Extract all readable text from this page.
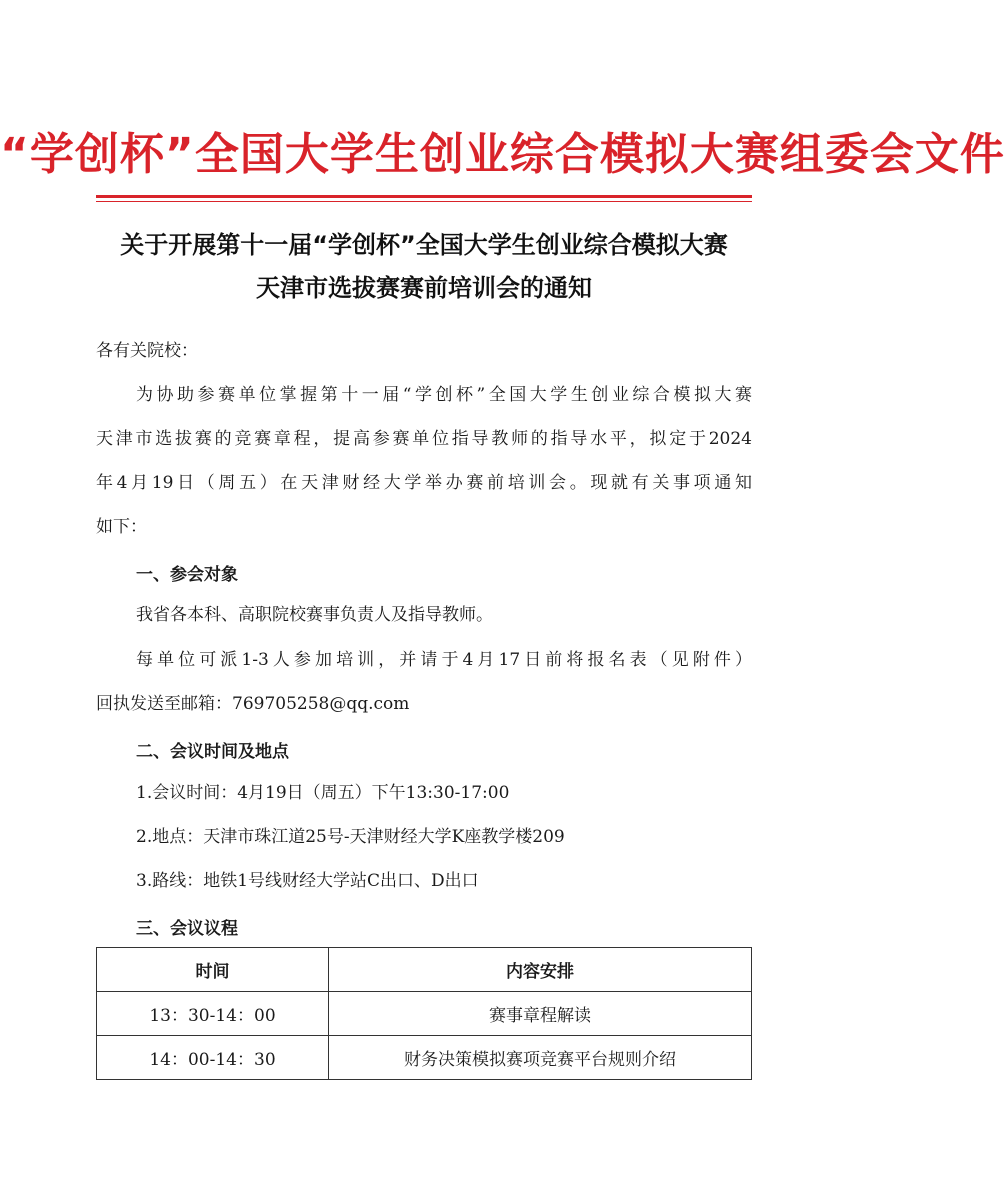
“学创杯”全国大学生创业综合模拟大赛组委会文件
关于开展第十一届“学创杯”全国大学生创业综合模拟大赛
天津市选拔赛赛前培训会的通知
各有关院校：
为协助参赛单位掌握第十一届“学创杯”全国大学生创业综合模拟大赛
天津市选拔赛的竞赛章程，提高参赛单位指导教师的指导水平，拟定于2024
年4月19日（周五）在天津财经大学举办赛前培训会。现就有关事项通知
如下：
一、参会对象
我省各本科、高职院校赛事负责人及指导教师。
每单位可派1-3人参加培训，并请于4月17日前将报名表（见附件）
回执发送至邮箱：769705258@qq.com
二、会议时间及地点
1.会议时间：4月19日（周五）下午13:30-17:00
2.地点：天津市珠江道25号-天津财经大学K座教学楼209
3.路线：地铁1号线财经大学站C出口、D出口
三、会议议程
时间	内容安排
13：30-14：00	赛事章程解读
14：00-14：30	财务决策模拟赛项竞赛平台规则介绍
